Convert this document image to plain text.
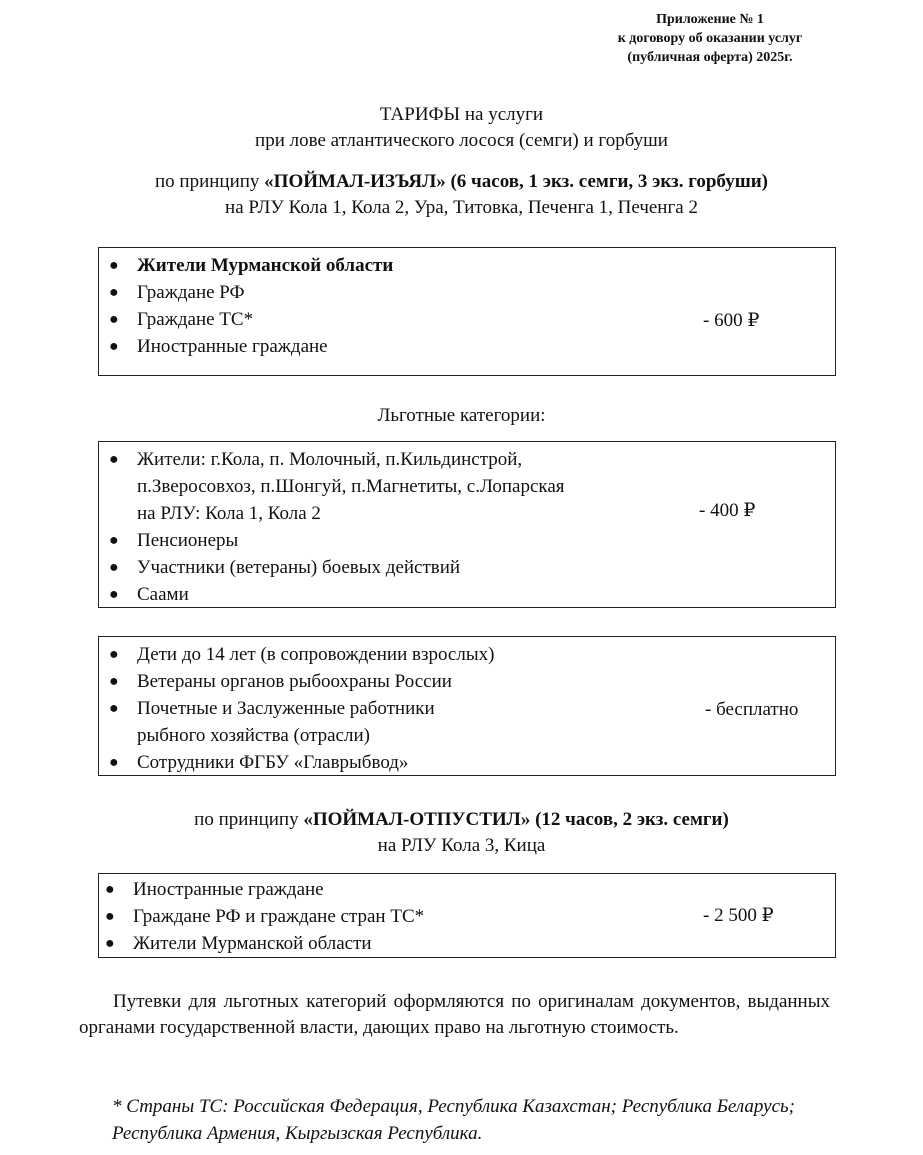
Приложение № 1
к договору об оказании услуг
(публичная оферта) 2025г.
ТАРИФЫ на услуги
при лове атлантического лосося (семги) и горбуши
по принципу «ПОЙМАЛ-ИЗЪЯЛ» (6 часов, 1 экз. семги, 3 экз. горбуши)
на РЛУ Кола 1, Кола 2, Ура, Титовка, Печенга 1, Печенга 2
● Жители Мурманской области
● Граждане РФ
● Граждане ТС*
● Иностранные граждане
- 600 ₽
Льготные категории:
● Жители: г.Кола, п. Молочный, п.Кильдинстрой,
п.Зверосовхоз, п.Шонгуй, п.Магнетиты, с.Лопарская
на РЛУ: Кола 1, Кола 2
● Пенсионеры
● Участники (ветераны) боевых действий
● Саами
- 400 ₽
● Дети до 14 лет (в сопровождении взрослых)
● Ветераны органов рыбоохраны России
● Почетные и Заслуженные работники
рыбного хозяйства (отрасли)
● Сотрудники ФГБУ «Главрыбвод»
- бесплатно
по принципу «ПОЙМАЛ-ОТПУСТИЛ» (12 часов, 2 экз. семги)
на РЛУ Кола 3, Кица
● Иностранные граждане
● Граждане РФ и граждане стран ТС*
● Жители Мурманской области
- 2 500 ₽
Путевки для льготных категорий оформляются по оригиналам документов, выданных органами государственной власти, дающих право на льготную стоимость.
* Страны ТС: Российская Федерация, Республика Казахстан; Республика Беларусь; Республика Армения, Кыргызская Республика.
